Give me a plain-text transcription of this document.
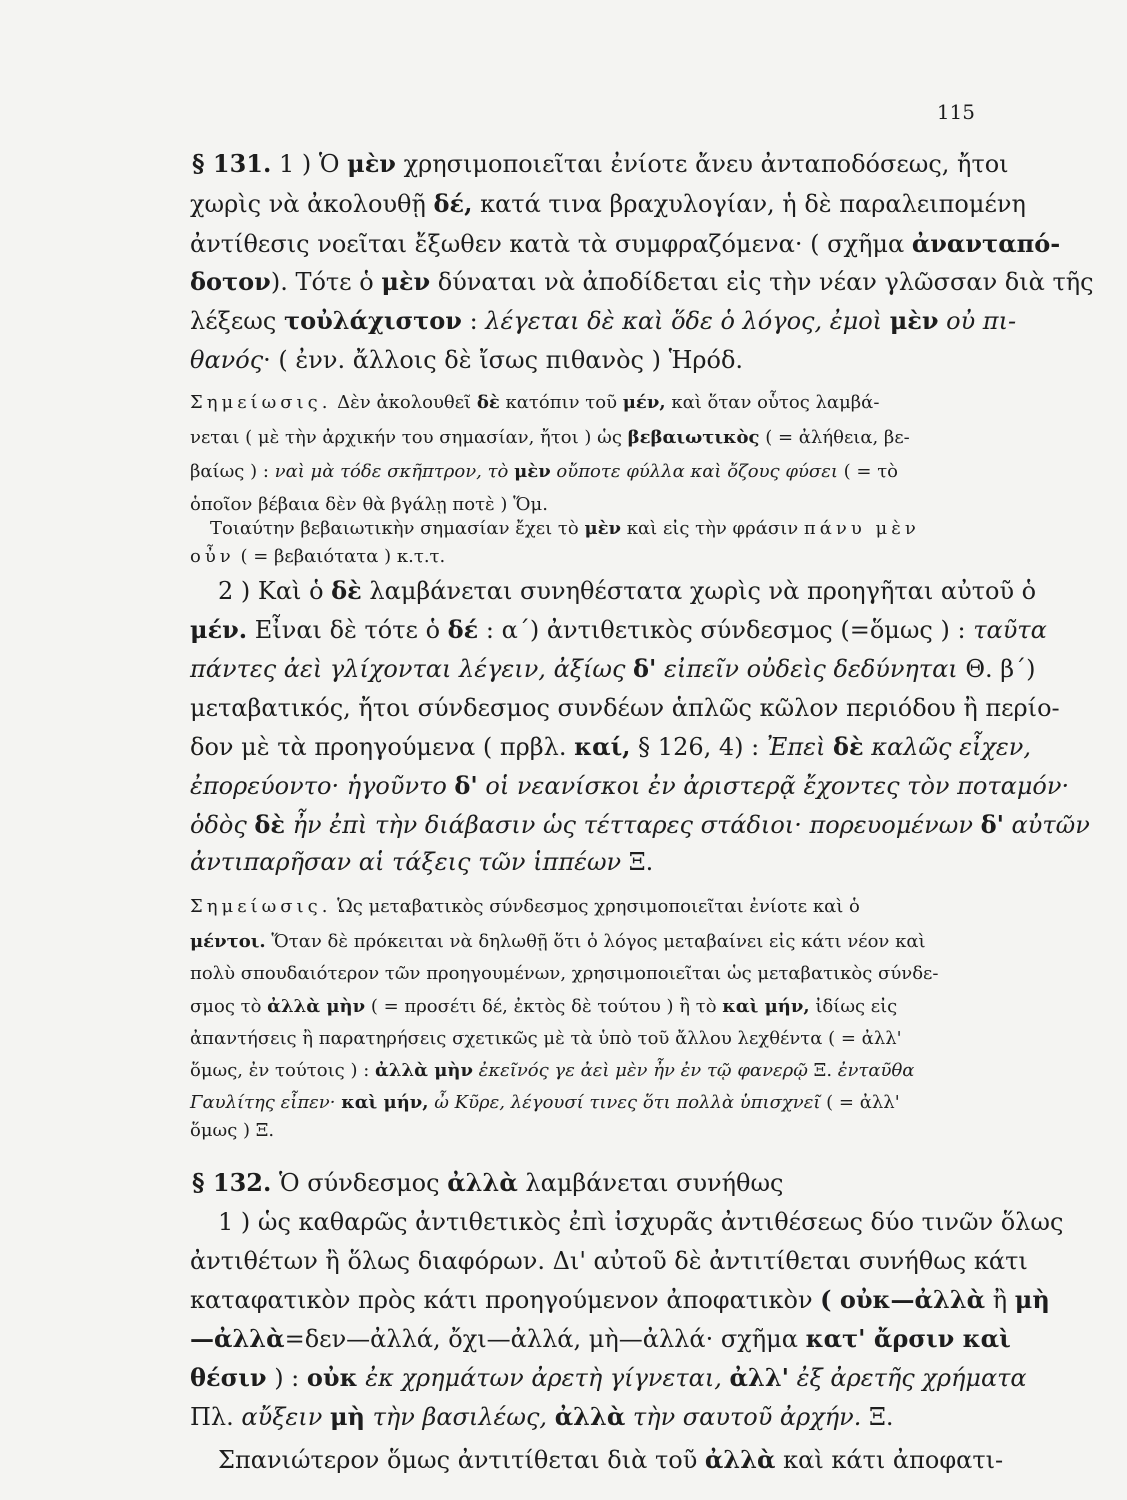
115
§ 131. 1 ) Ὁ μὲν χρησιμοποιεῖται ἐνίοτε ἄνευ ἀνταποδόσεως, ἤτοι
χωρὶς νὰ ἀκολουθῇ δέ, κατά τινα βραχυλογίαν, ἡ δὲ παραλειπομένη
ἀντίθεσις νοεῖται ἔξωθεν κατὰ τὰ συμφραζόμενα· ( σχῆμα ἀνανταπό-
δοτον). Τότε ὁ μὲν δύναται νὰ ἀποδίδεται εἰς τὴν νέαν γλῶσσαν διὰ τῆς
λέξεως τοὐλάχιστον : λέγεται δὲ καὶ ὅδε ὁ λόγος, ἐμοὶ μὲν οὐ πι-
θανός· ( ἐνν. ἄλλοις δὲ ἴσως πιθανὸς ) Ἡρόδ.
Σημείωσις. Δὲν ἀκολουθεῖ δὲ κατόπιν τοῦ μέν, καὶ ὅταν οὗτος λαμβά-
νεται ( μὲ τὴν ἀρχικήν του σημασίαν, ἤτοι ) ὡς βεβαιωτικὸς ( = ἀλήθεια, βε-
βαίως ) : ναὶ μὰ τόδε σκῆπτρον, τὸ μὲν οὔποτε φύλλα καὶ ὄζους φύσει ( = τὸ
ὁποῖον βέβαια δὲν θὰ βγάλῃ ποτὲ ) Ὅμ.
Τοιαύτην βεβαιωτικὴν σημασίαν ἔχει τὸ μὲν καὶ εἰς τὴν φράσιν πάνυ μὲν
οὖν ( = βεβαιότατα ) κ.τ.τ.
2 ) Καὶ ὁ δὲ λαμβάνεται συνηθέστατα χωρὶς νὰ προηγῆται αὐτοῦ ὁ
μέν. Εἶναι δὲ τότε ὁ δέ : α΄) ἀντιθετικὸς σύνδεσμος (=ὅμως ) : ταῦτα
πάντες ἀεὶ γλίχονται λέγειν, ἀξίως δ' εἰπεῖν οὐδεὶς δεδύνηται Θ. β΄)
μεταβατικός, ἤτοι σύνδεσμος συνδέων ἁπλῶς κῶλον περιόδου ἢ περίο-
δον μὲ τὰ προηγούμενα ( πρβλ. καί, § 126, 4) : Ἐπεὶ δὲ καλῶς εἶχεν,
ἐπορεύοντο· ἡγοῦντο δ' οἱ νεανίσκοι ἐν ἀριστερᾷ ἔχοντες τὸν ποταμόν·
ὁδὸς δὲ ἦν ἐπὶ τὴν διάβασιν ὡς τέτταρες στάδιοι· πορευομένων δ' αὐτῶν
ἀντιπαρῆσαν αἱ τάξεις τῶν ἱππέων Ξ.
Σημείωσις. Ὡς μεταβατικὸς σύνδεσμος χρησιμοποιεῖται ἐνίοτε καὶ ὁ
μέντοι. Ὅταν δὲ πρόκειται νὰ δηλωθῇ ὅτι ὁ λόγος μεταβαίνει εἰς κάτι νέον καὶ
πολὺ σπουδαιότερον τῶν προηγουμένων, χρησιμοποιεῖται ὡς μεταβατικὸς σύνδε-
σμος τὸ ἀλλὰ μὴν ( = προσέτι δέ, ἐκτὸς δὲ τούτου ) ἢ τὸ καὶ μήν, ἰδίως εἰς
ἀπαντήσεις ἢ παρατηρήσεις σχετικῶς μὲ τὰ ὑπὸ τοῦ ἄλλου λεχθέντα ( = ἀλλ'
ὅμως, ἐν τούτοις ) : ἀλλὰ μὴν ἐκεῖνός γε ἀεὶ μὲν ἦν ἐν τῷ φανερῷ Ξ. ἐνταῦθα
Γαυλίτης εἶπεν· καὶ μήν, ὦ Κῦρε, λέγουσί τινες ὅτι πολλὰ ὑπισχνεῖ ( = ἀλλ'
ὅμως ) Ξ.
§ 132. Ὁ σύνδεσμος ἀλλὰ λαμβάνεται συνήθως
1 ) ὡς καθαρῶς ἀντιθετικὸς ἐπὶ ἰσχυρᾶς ἀντιθέσεως δύο τινῶν ὅλως
ἀντιθέτων ἢ ὅλως διαφόρων. Δι' αὐτοῦ δὲ ἀντιτίθεται συνήθως κάτι
καταφατικὸν πρὸς κάτι προηγούμενον ἀποφατικὸν ( οὐκ—ἀλλὰ ἢ μὴ
—ἀλλὰ=δεν—ἀλλά, ὄχι—ἀλλά, μὴ—ἀλλά· σχῆμα κατ' ἄρσιν καὶ
θέσιν ) : οὐκ ἐκ χρημάτων ἀρετὴ γίγνεται, ἀλλ' ἐξ ἀρετῆς χρήματα
Πλ. αὔξειν μὴ τὴν βασιλέως, ἀλλὰ τὴν σαυτοῦ ἀρχήν. Ξ.
Σπανιώτερον ὅμως ἀντιτίθεται διὰ τοῦ ἀλλὰ καὶ κάτι ἀποφατι-
